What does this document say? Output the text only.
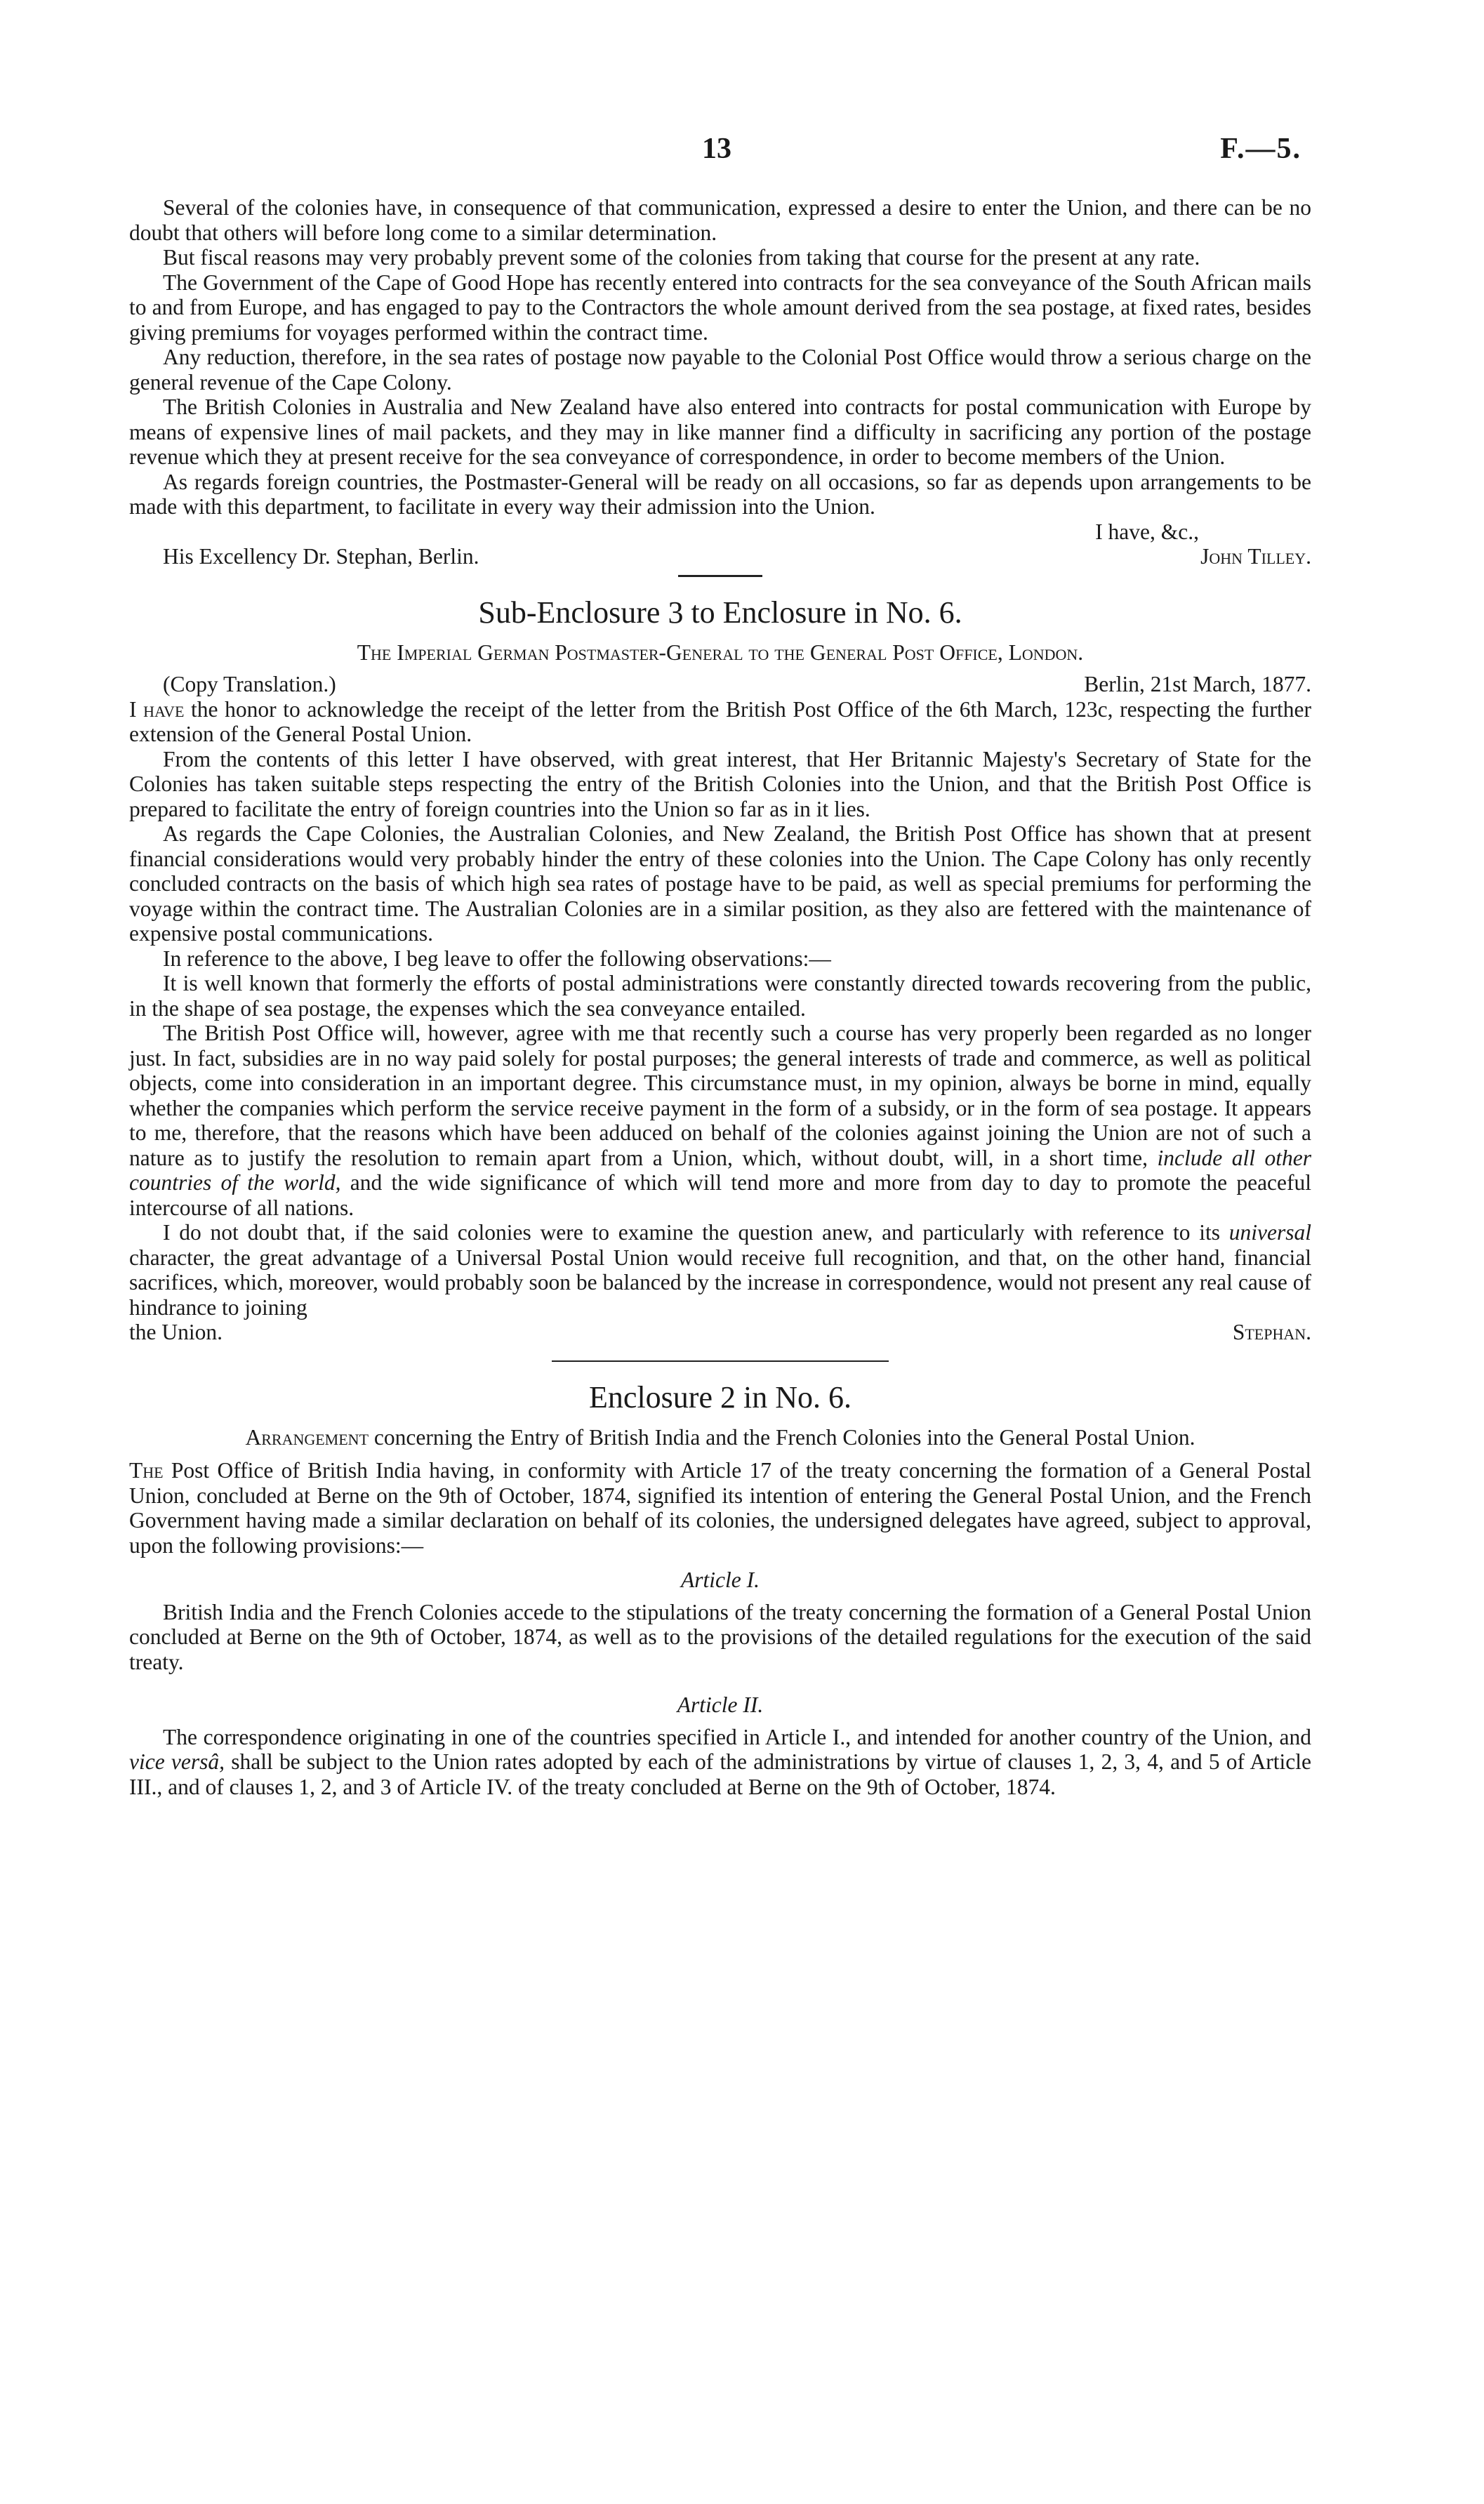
13	F.—5.

Several of the colonies have, in consequence of that communication, expressed a desire to enter the Union, and there can be no doubt that others will before long come to a similar determination.

But fiscal reasons may very probably prevent some of the colonies from taking that course for the present at any rate.

The Government of the Cape of Good Hope has recently entered into contracts for the sea conveyance of the South African mails to and from Europe, and has engaged to pay to the Contractors the whole amount derived from the sea postage, at fixed rates, besides giving premiums for voyages performed within the contract time.

Any reduction, therefore, in the sea rates of postage now payable to the Colonial Post Office would throw a serious charge on the general revenue of the Cape Colony.

The British Colonies in Australia and New Zealand have also entered into contracts for postal communication with Europe by means of expensive lines of mail packets, and they may in like manner find a difficulty in sacrificing any portion of the postage revenue which they at present receive for the sea conveyance of correspondence, in order to become members of the Union.

As regards foreign countries, the Postmaster-General will be ready on all occasions, so far as depends upon arrangements to be made with this department, to facilitate in every way their admission into the Union.

I have, &c.,
His Excellency Dr. Stephan, Berlin.	John Tilley.
Sub-Enclosure 3 to Enclosure in No. 6.
The Imperial German Postmaster-General to the General Post Office, London.
(Copy Translation.)	Berlin, 21st March, 1877.

I have the honor to acknowledge the receipt of the letter from the British Post Office of the 6th March, 123c, respecting the further extension of the General Postal Union.

From the contents of this letter I have observed, with great interest, that Her Britannic Majesty's Secretary of State for the Colonies has taken suitable steps respecting the entry of the British Colonies into the Union, and that the British Post Office is prepared to facilitate the entry of foreign countries into the Union so far as in it lies.

As regards the Cape Colonies, the Australian Colonies, and New Zealand, the British Post Office has shown that at present financial considerations would very probably hinder the entry of these colonies into the Union. The Cape Colony has only recently concluded contracts on the basis of which high sea rates of postage have to be paid, as well as special premiums for performing the voyage within the contract time. The Australian Colonies are in a similar position, as they also are fettered with the maintenance of expensive postal communications.

In reference to the above, I beg leave to offer the following observations:—

It is well known that formerly the efforts of postal administrations were constantly directed towards recovering from the public, in the shape of sea postage, the expenses which the sea conveyance entailed.

The British Post Office will, however, agree with me that recently such a course has very properly been regarded as no longer just. In fact, subsidies are in no way paid solely for postal purposes; the general interests of trade and commerce, as well as political objects, come into consideration in an important degree. This circumstance must, in my opinion, always be borne in mind, equally whether the companies which perform the service receive payment in the form of a subsidy, or in the form of sea postage. It appears to me, therefore, that the reasons which have been adduced on behalf of the colonies against joining the Union are not of such a nature as to justify the resolution to remain apart from a Union, which, without doubt, will, in a short time, include all other countries of the world, and the wide significance of which will tend more and more from day to day to promote the peaceful intercourse of all nations.

I do not doubt that, if the said colonies were to examine the question anew, and particularly with reference to its universal character, the great advantage of a Universal Postal Union would receive full recognition, and that, on the other hand, financial sacrifices, which, moreover, would probably soon be balanced by the increase in correspondence, would not present any real cause of hindrance to joining

the Union.	Stephan.
Enclosure 2 in No. 6.
Arrangement concerning the Entry of British India and the French Colonies into the General Postal Union.

The Post Office of British India having, in conformity with Article 17 of the treaty concerning the formation of a General Postal Union, concluded at Berne on the 9th of October, 1874, signified its intention of entering the General Postal Union, and the French Government having made a similar declaration on behalf of its colonies, the undersigned delegates have agreed, subject to approval, upon the following provisions:—

Article I.

British India and the French Colonies accede to the stipulations of the treaty concerning the formation of a General Postal Union concluded at Berne on the 9th of October, 1874, as well as to the provisions of the detailed regulations for the execution of the said treaty.

Article II.

The correspondence originating in one of the countries specified in Article I., and intended for another country of the Union, and vice versâ, shall be subject to the Union rates adopted by each of the administrations by virtue of clauses 1, 2, 3, 4, and 5 of Article III., and of clauses 1, 2, and 3 of Article IV. of the treaty concluded at Berne on the 9th of October, 1874.
